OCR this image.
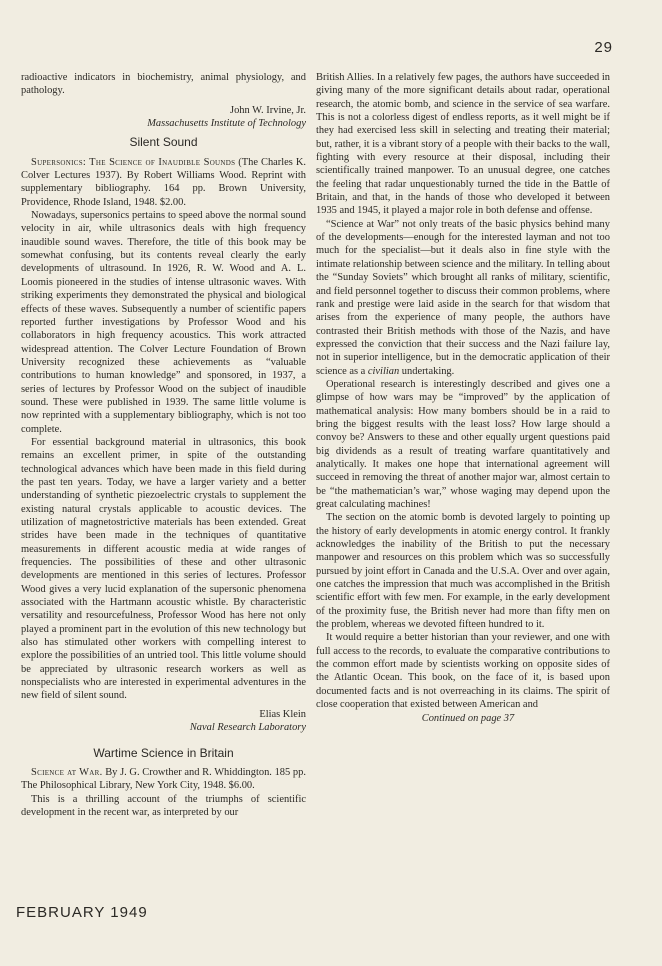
29

radioactive indicators in biochemistry, animal physiology, and pathology.

John W. Irvine, Jr.

Massachusetts Institute of Technology

Silent Sound

Supersonics: The Science of Inaudible Sounds (The Charles K. Colver Lectures 1937). By Robert Williams Wood. Reprint with supplementary bibliography. 164 pp. Brown University, Providence, Rhode Island, 1948. $2.00.

Nowadays, supersonics pertains to speed above the normal sound velocity in air, while ultrasonics deals with high frequency inaudible sound waves. Therefore, the title of this book may be somewhat confusing, but its contents reveal clearly the early developments of ultrasound. In 1926, R. W. Wood and A. L. Loomis pioneered in the studies of intense ultrasonic waves. With striking experiments they demonstrated the physical and biological effects of these waves. Subsequently a number of scientific papers reported further investigations by Professor Wood and his collaborators in high frequency acoustics. This work attracted widespread attention. The Colver Lecture Foundation of Brown University recognized these achievements as “valuable contributions to human knowledge” and sponsored, in 1937, a series of lectures by Professor Wood on the subject of inaudible sound. These were published in 1939. The same little volume is now reprinted with a supplementary bibliography, which is not too complete.

For essential background material in ultrasonics, this book remains an excellent primer, in spite of the outstanding technological advances which have been made in this field during the past ten years. Today, we have a larger variety and a better understanding of synthetic piezoelectric crystals to supplement the existing natural crystals applicable to acoustic devices. The utilization of magnetostrictive materials has been extended. Great strides have been made in the techniques of quantitative measurements in different acoustic media at wide ranges of frequencies. The possibilities of these and other ultrasonic developments are mentioned in this series of lectures. Professor Wood gives a very lucid explanation of the supersonic phenomena associated with the Hartmann acoustic whistle. By characteristic versatility and resourcefulness, Professor Wood has here not only played a prominent part in the evolution of this new technology but also has stimulated other workers with compelling interest to explore the possibilities of an untried tool. This little volume should be appreciated by ultrasonic research workers as well as nonspecialists who are interested in experimental adventures in the new field of silent sound.

Elias Klein

Naval Research Laboratory

Wartime Science in Britain

Science at War. By J. G. Crowther and R. Whiddington. 185 pp. The Philosophical Library, New York City, 1948. $6.00.

This is a thrilling account of the triumphs of scientific development in the recent war, as interpreted by our

British Allies. In a relatively few pages, the authors have succeeded in giving many of the more significant details about radar, operational research, the atomic bomb, and science in the service of sea warfare. This is not a colorless digest of endless reports, as it well might be if they had exercised less skill in selecting and treating their material; but, rather, it is a vibrant story of a people with their backs to the wall, fighting with every resource at their disposal, including their scientifically trained manpower. To an unusual degree, one catches the feeling that radar unquestionably turned the tide in the Battle of Britain, and that, in the hands of those who developed it between 1935 and 1945, it played a major role in both defense and offense.

“Science at War” not only treats of the basic physics behind many of the developments—enough for the interested layman and not too much for the specialist—but it deals also in fine style with the intimate relationship between science and the military. In telling about the “Sunday Soviets” which brought all ranks of military, scientific, and field personnel together to discuss their common problems, where rank and prestige were laid aside in the search for that wisdom that arises from the experience of many people, the authors have contrasted their British methods with those of the Nazis, and have expressed the conviction that their success and the Nazi failure lay, not in superior intelligence, but in the democratic application of their science as a civilian undertaking.

Operational research is interestingly described and gives one a glimpse of how wars may be “improved” by the application of mathematical analysis: How many bombers should be in a raid to bring the biggest results with the least loss? How large should a convoy be? Answers to these and other equally urgent questions paid big dividends as a result of treating warfare quantitatively and analytically. It makes one hope that international agreement will succeed in removing the threat of another major war, almost certain to be “the mathematician’s war,” whose waging may depend upon the great calculating machines!

The section on the atomic bomb is devoted largely to pointing up the history of early developments in atomic energy control. It frankly acknowledges the inability of the British to put the necessary manpower and resources on this problem which was so successfully pursued by joint effort in Canada and the U.S.A. Over and over again, one catches the impression that much was accomplished in the British scientific effort with few men. For example, in the early development of the proximity fuse, the British never had more than fifty men on the problem, whereas we devoted fifteen hundred to it.

It would require a better historian than your reviewer, and one with full access to the records, to evaluate the comparative contributions to the common effort made by scientists working on opposite sides of the Atlantic Ocean. This book, on the face of it, is based upon documented facts and is not overreaching in its claims. The spirit of close cooperation that existed between American and

Continued on page 37

FEBRUARY 1949
